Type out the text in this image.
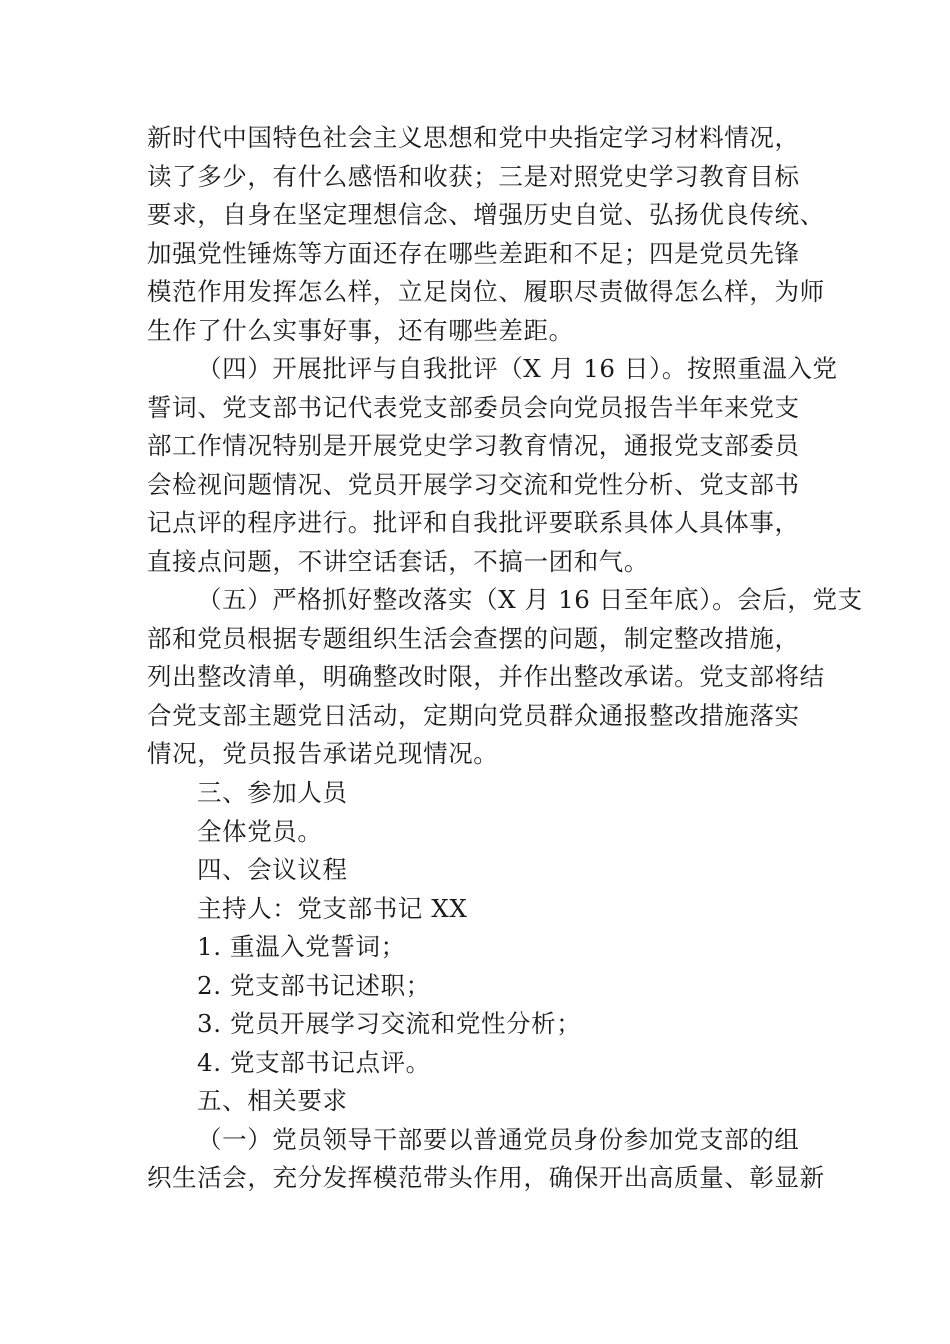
新时代中国特色社会主义思想和党中央指定学习材料情况，
读了多少，有什么感悟和收获；三是对照党史学习教育目标
要求，自身在坚定理想信念、增强历史自觉、弘扬优良传统、
加强党性锤炼等方面还存在哪些差距和不足；四是党员先锋
模范作用发挥怎么样，立足岗位、履职尽责做得怎么样，为师
生作了什么实事好事，还有哪些差距。
（四）开展批评与自我批评（X 月 16 日）。按照重温入党
誓词、党支部书记代表党支部委员会向党员报告半年来党支
部工作情况特别是开展党史学习教育情况，通报党支部委员
会检视问题情况、党员开展学习交流和党性分析、党支部书
记点评的程序进行。批评和自我批评要联系具体人具体事，
直接点问题，不讲空话套话，不搞一团和气。
（五）严格抓好整改落实（X 月 16 日至年底）。会后，党支
部和党员根据专题组织生活会查摆的问题，制定整改措施，
列出整改清单，明确整改时限，并作出整改承诺。党支部将结
合党支部主题党日活动，定期向党员群众通报整改措施落实
情况，党员报告承诺兑现情况。
三、参加人员
全体党员。
四、会议议程
主持人：党支部书记 XX
1. 重温入党誓词；
2. 党支部书记述职；
3. 党员开展学习交流和党性分析；
4. 党支部书记点评。
五、相关要求
（一）党员领导干部要以普通党员身份参加党支部的组
织生活会，充分发挥模范带头作用，确保开出高质量、彰显新
